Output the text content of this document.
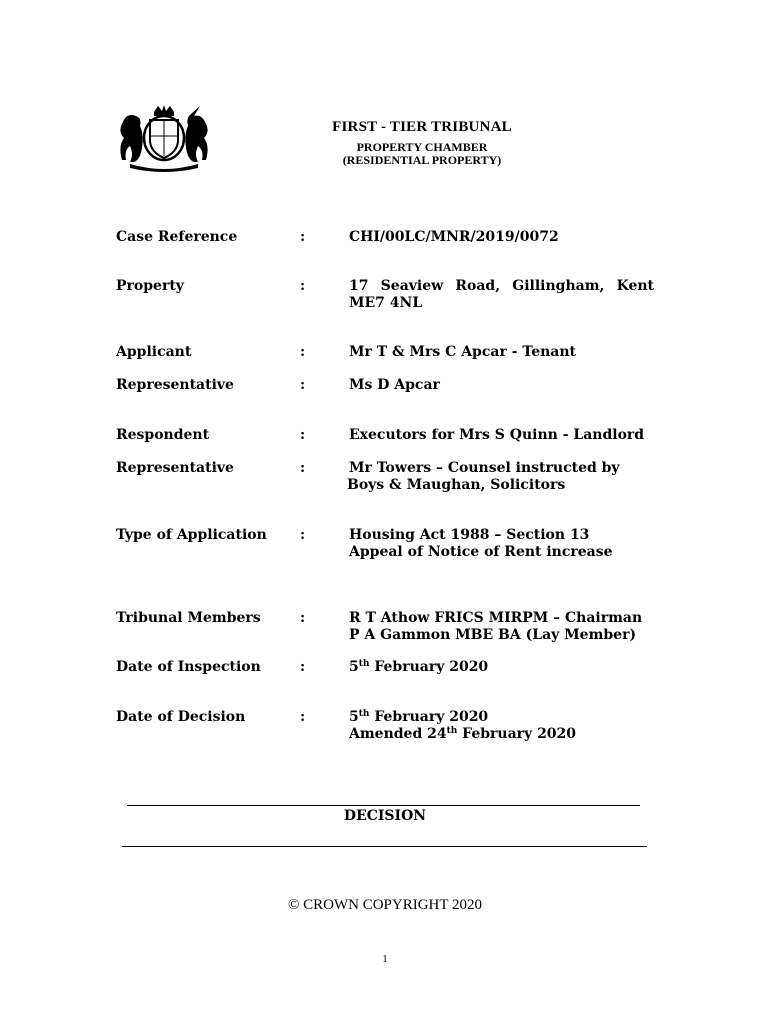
FIRST - TIER TRIBUNAL
PROPERTY CHAMBER
(RESIDENTIAL PROPERTY)
Case Reference	:	CHI/00LC/MNR/2019/0072
Property	:	17 Seaview Road, Gillingham, Kent
ME7 4NL
Applicant	:	Mr T & Mrs C Apcar - Tenant
Representative	:	Ms D Apcar
Respondent	:	Executors for Mrs S Quinn - Landlord
Representative	:	Mr Towers – Counsel instructed by
Boys & Maughan, Solicitors
Type of Application :	Housing Act 1988 – Section 13
Appeal of Notice of Rent increase
Tribunal Members	:	R T Athow FRICS MIRPM – Chairman
P A Gammon MBE BA (Lay Member)
Date of Inspection	:	5th February 2020
Date of Decision	:	5th February 2020
Amended 24th February 2020
DECISION
© CROWN COPYRIGHT 2020
1
